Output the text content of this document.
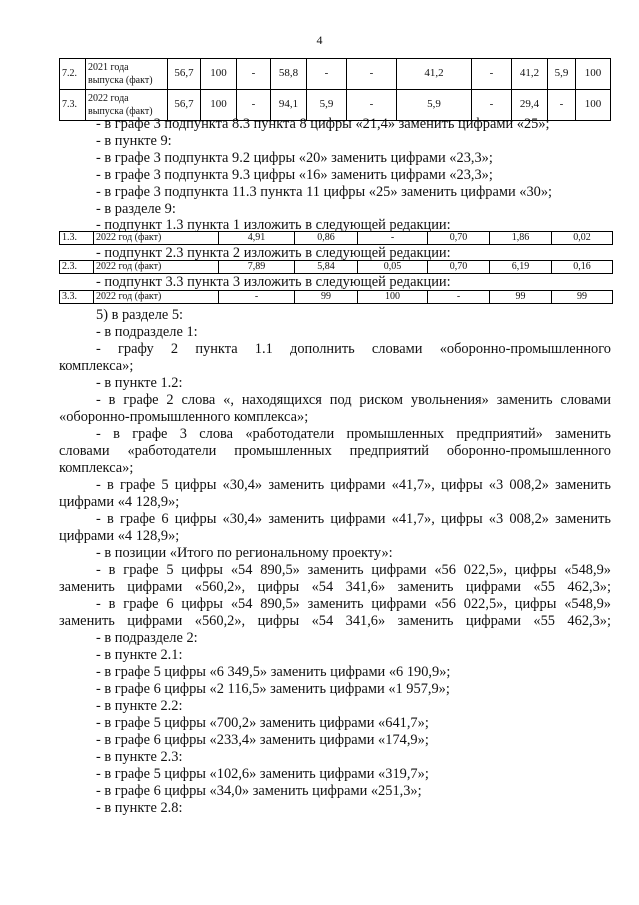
4
7.2.	2021 года выпуска (факт)	56,7	100	-	58,8	-	-	41,2	-	41,2	5,9	100
7.3.	2022 года выпуска (факт)	56,7	100	-	94,1	5,9	-	5,9	-	29,4	-	100
- в графе 3 подпункта 8.3 пункта 8 цифры «21,4» заменить цифрами «25»;
- в пункте 9:
- в графе 3 подпункта 9.2 цифры «20» заменить цифрами «23,3»;
- в графе 3 подпункта 9.3 цифры «16» заменить цифрами «23,3»;
- в графе 3 подпункта 11.3 пункта 11 цифры «25» заменить цифрами «30»;
- в разделе 9:
- подпункт 1.3 пункта 1 изложить в следующей редакции:
1.3.	2022 год (факт)	4,91	0,86	-	0,70	1,86	0,02
- подпункт 2.3 пункта 2 изложить в следующей редакции:
2.3.	2022 год (факт)	7,89	5,84	0,05	0,70	6,19	0,16
- подпункт 3.3 пункта 3 изложить в следующей редакции:
3.3.	2022 год (факт)	-	99	100	-	99	99
5) в разделе 5:
- в подразделе 1:
- графу 2 пункта 1.1 дополнить словами «оборонно-промышленного
комплекса»;
- в пункте 1.2:
- в графе 2 слова «, находящихся под риском увольнения» заменить словами
«оборонно-промышленного комплекса»;
- в графе 3 слова «работодатели промышленных предприятий» заменить
словами «работодатели промышленных предприятий оборонно-промышленного
комплекса»;
- в графе 5 цифры «30,4» заменить цифрами «41,7», цифры «3 008,2» заменить
цифрами «4 128,9»;
- в графе 6 цифры «30,4» заменить цифрами «41,7», цифры «3 008,2» заменить
цифрами «4 128,9»;
- в позиции «Итого по региональному проекту»:
- в графе 5 цифры «54 890,5» заменить цифрами «56 022,5», цифры «548,9»
заменить цифрами «560,2», цифры «54 341,6» заменить цифрами «55 462,3»;
- в графе 6 цифры «54 890,5» заменить цифрами «56 022,5», цифры «548,9»
заменить цифрами «560,2», цифры «54 341,6» заменить цифрами «55 462,3»;
- в подразделе 2:
- в пункте 2.1:
- в графе 5 цифры «6 349,5» заменить цифрами «6 190,9»;
- в графе 6 цифры «2 116,5» заменить цифрами «1 957,9»;
- в пункте 2.2:
- в графе 5 цифры «700,2» заменить цифрами «641,7»;
- в графе 6 цифры «233,4» заменить цифрами «174,9»;
- в пункте 2.3:
- в графе 5 цифры «102,6» заменить цифрами «319,7»;
- в графе 6 цифры «34,0» заменить цифрами «251,3»;
- в пункте 2.8:
